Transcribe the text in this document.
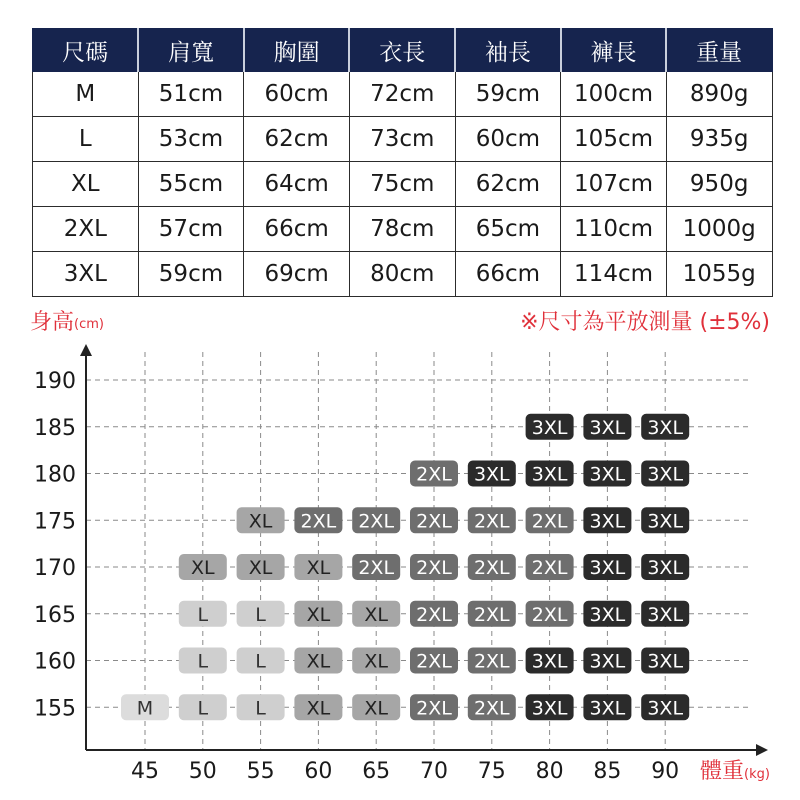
尺碼	肩寬	胸圍	衣長	袖長	褲長	重量
M	51cm	60cm	72cm	59cm	100cm	890g
L	53cm	62cm	73cm	60cm	105cm	935g
XL	55cm	64cm	75cm	62cm	107cm	950g
2XL	57cm	66cm	78cm	65cm	110cm	1000g
3XL	59cm	69cm	80cm	66cm	114cm	1055g
身高(cm)	※尺寸為平放測量 (±5%)
體重(kg)
190
185
180
175
170
165
160
155
45 50 55 60 65 70 75 80 85 90
3XL 3XL 3XL
2XL 3XL 3XL 3XL 3XL
XL 2XL 2XL 2XL 2XL 2XL 3XL 3XL
XL XL XL 2XL 2XL 2XL 2XL 3XL 3XL
L L XL XL 2XL 2XL 2XL 3XL 3XL
L L XL XL 2XL 2XL 3XL 3XL 3XL
M L L XL XL 2XL 2XL 3XL 3XL 3XL
